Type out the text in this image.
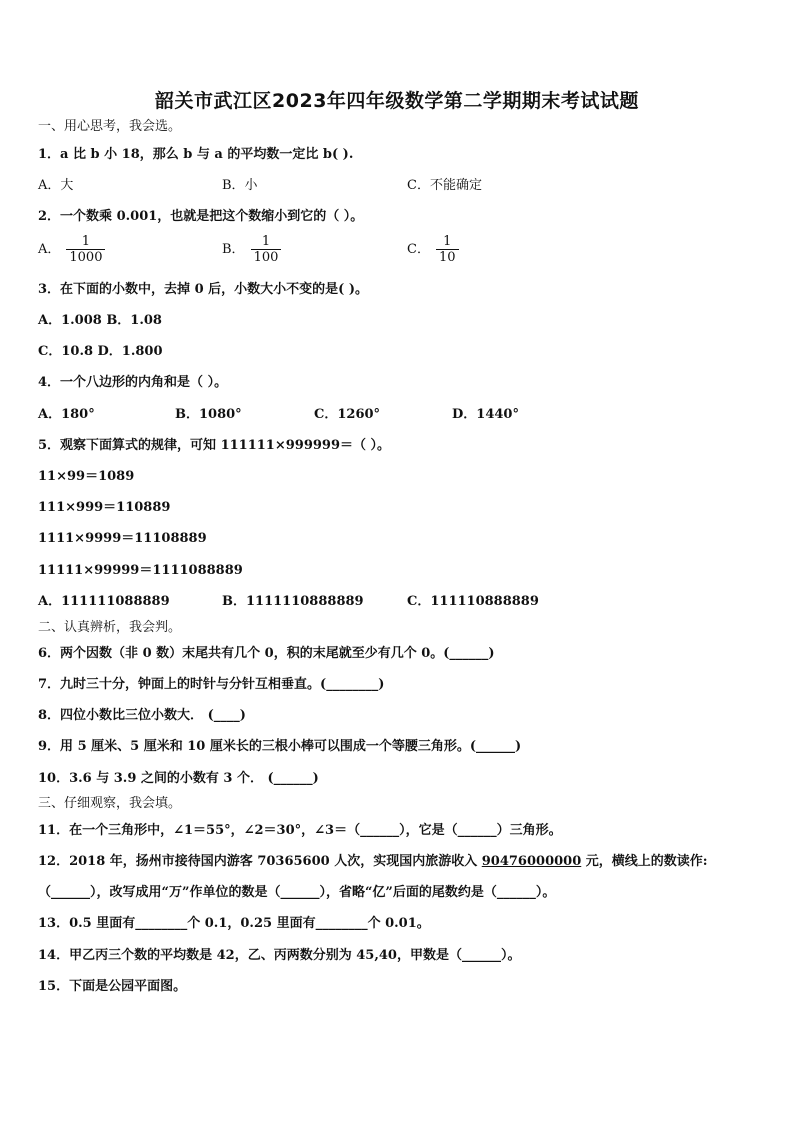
韶关市武江区2023年四年级数学第二学期期末考试试题
一、用心思考，我会选。
1．a 比 b 小 18，那么 b 与 a 的平均数一定比 b( ).
A．大	B．小	C．不能确定
2．一个数乘 0.001，也就是把这个数缩小到它的（ ）。
A． $\frac{1}{1000}$	B． $\frac{1}{100}$	C． $\frac{1}{10}$
3．在下面的小数中，去掉 0 后，小数大小不变的是( )。
A．1.008 B．1.08
C．10.8 D．1.800
4．一个八边形的内角和是（ ）。
A．180°	B．1080°	C．1260°	D．1440°
5．观察下面算式的规律，可知 111111×999999＝（ ）。
11×99＝1089
111×999＝110889
1111×9999＝11108889
11111×99999＝1111088889
A．111111088889	B．1111110888889	C．111110888889
二、认真辨析，我会判。
6．两个因数（非 0 数）末尾共有几个 0，积的末尾就至少有几个 0。(______)
7．九时三十分，钟面上的时针与分针互相垂直。(________)
8．四位小数比三位小数大． (____)
9．用 5 厘米、5 厘米和 10 厘米长的三根小棒可以围成一个等腰三角形。(______)
10．3.6 与 3.9 之间的小数有 3 个． (______)
三、仔细观察，我会填。
11．在一个三角形中，∠1＝55°，∠2＝30°，∠3＝（______），它是（______）三角形。
12．2018 年，扬州市接待国内游客 70365600 人次，实现国内旅游收入 90476000000 元，横线上的数读作:
（______），改写成用“万”作单位的数是（______），省略“亿”后面的尾数约是（______）。
13．0.5 里面有________个 0.1，0.25 里面有________个 0.01。
14．甲乙丙三个数的平均数是 42，乙、丙两数分别为 45,40，甲数是（______）。
15．下面是公园平面图。
